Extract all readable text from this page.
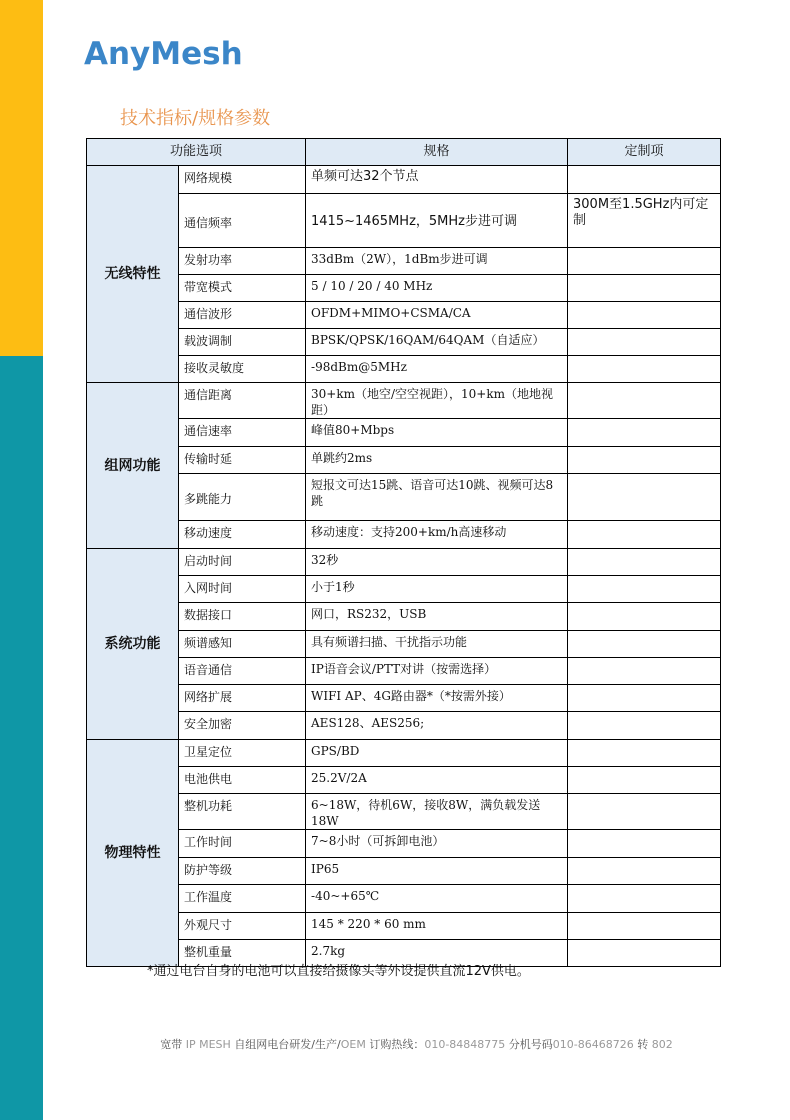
AnyMesh
技术指标/规格参数
功能选项		规格	定制项
无线特性	网络规模	单频可达32个节点	
	通信频率	1415~1465MHz，5MHz步进可调	300M至1.5GHz内可定制
	发射功率	33dBm（2W），1dBm步进可调	
	带宽模式	5 / 10 / 20 / 40 MHz	
	通信波形	OFDM+MIMO+CSMA/CA	
	载波调制	BPSK/QPSK/16QAM/64QAM（自适应）	
	接收灵敏度	-98dBm@5MHz	
组网功能	通信距离	30+km（地空/空空视距），10+km（地地视距）	
	通信速率	峰值80+Mbps	
	传输时延	单跳约2ms	
	多跳能力	短报文可达15跳、语音可达10跳、视频可达8跳	
	移动速度	移动速度：支持200+km/h高速移动	
系统功能	启动时间	32秒	
	入网时间	小于1秒	
	数据接口	网口，RS232，USB	
	频谱感知	具有频谱扫描、干扰指示功能	
	语音通信	IP语音会议/PTT对讲（按需选择）	
	网络扩展	WIFI AP、4G路由器*（*按需外接）	
	安全加密	AES128、AES256;	
物理特性	卫星定位	GPS/BD	
	电池供电	25.2V/2A	
	整机功耗	6~18W，待机6W，接收8W，满负载发送18W	
	工作时间	7~8小时（可拆卸电池）	
	防护等级	IP65	
	工作温度	-40~+65℃	
	外观尺寸	145 * 220 * 60 mm	
	整机重量	2.7kg	
*通过电台自身的电池可以直接给摄像头等外设提供直流12V供电。
宽带 IP MESH 自组网电台研发/生产/OEM 订购热线：010-84848775 分机号码010-86468726 转 802
